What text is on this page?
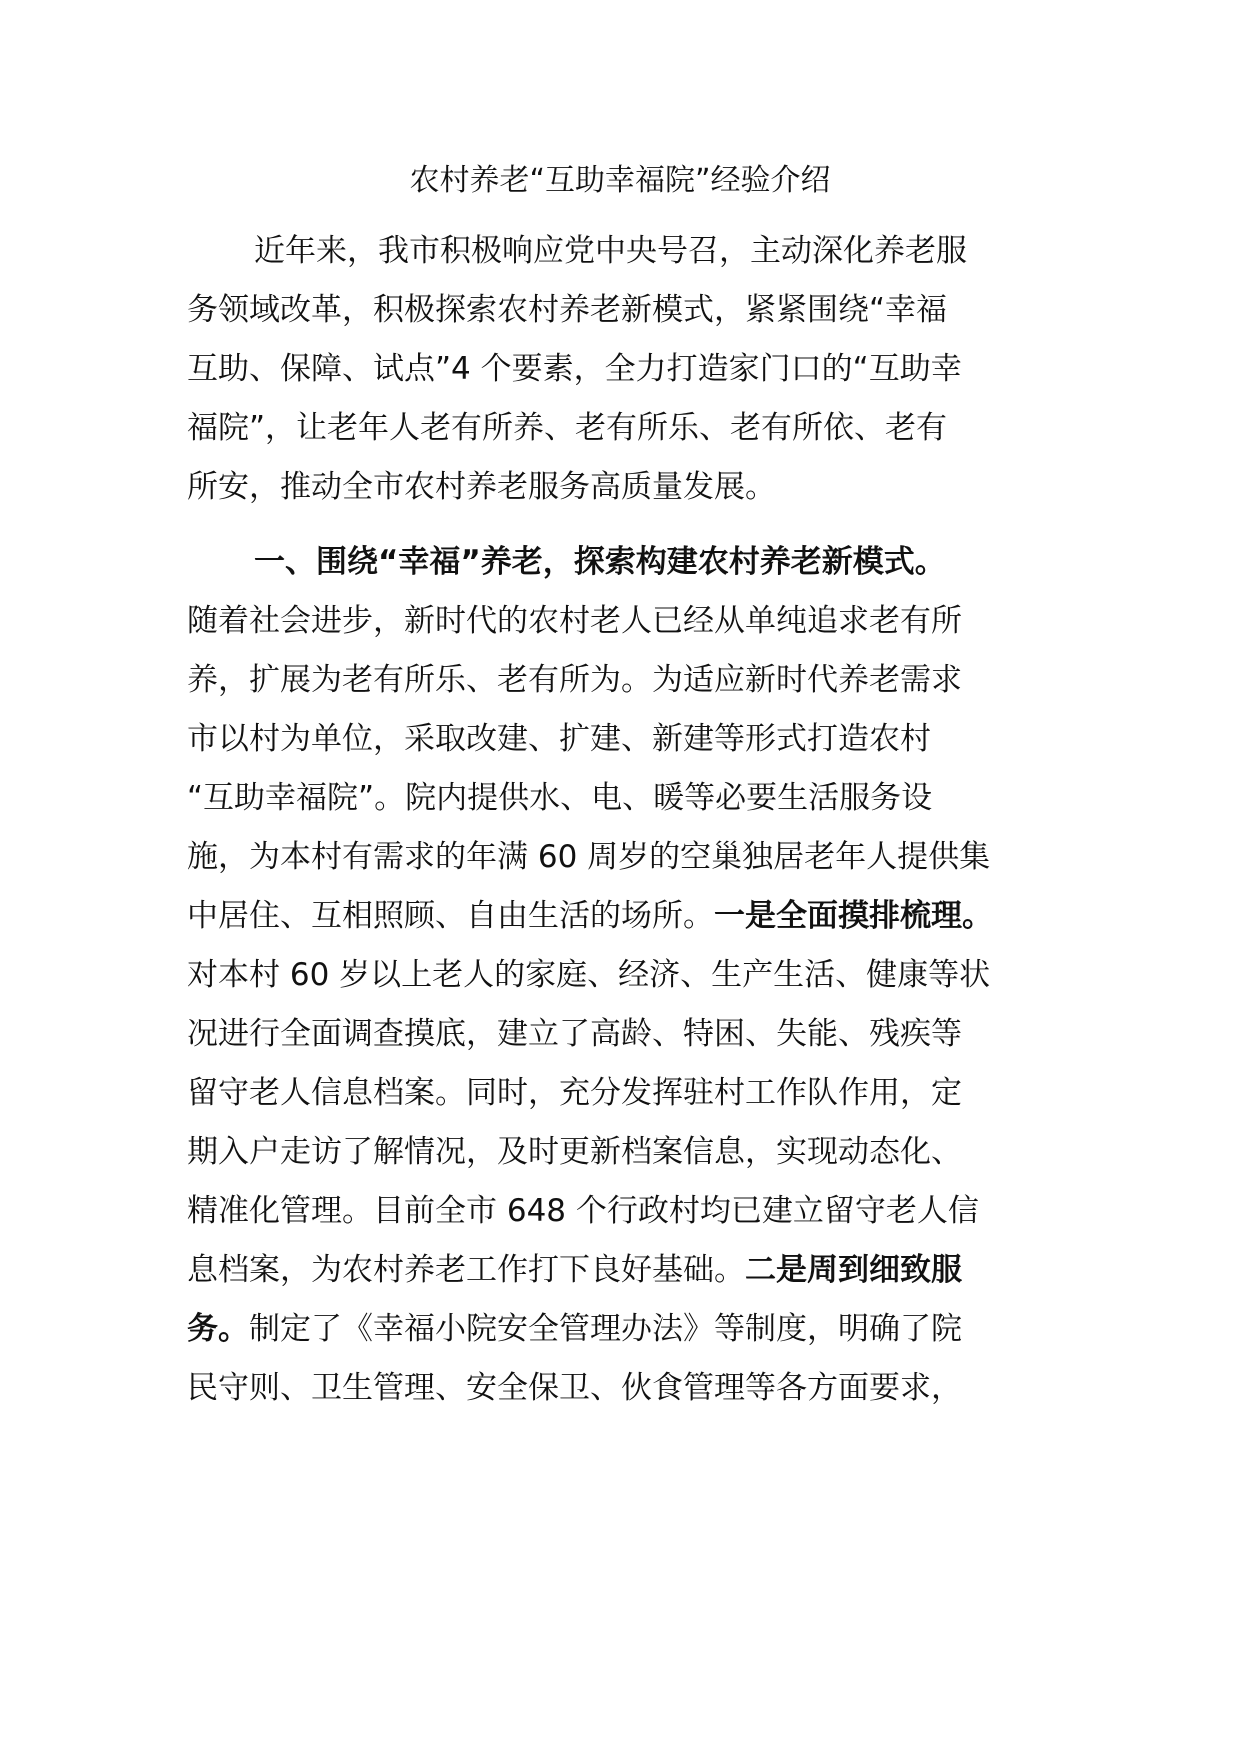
农村养老“互助幸福院”经验介绍

近年来，我市积极响应党中央号召，主动深化养老服

务领域改革，积极探索农村养老新模式，紧紧围绕“幸福

互助、保障、试点”4 个要素，全力打造家门口的“互助幸

福院”，让老年人老有所养、老有所乐、老有所依、老有

所安，推动全市农村养老服务高质量发展。

一、围绕“幸福”养老，探索构建农村养老新模式。

随着社会进步，新时代的农村老人已经从单纯追求老有所

养，扩展为老有所乐、老有所为。为适应新时代养老需求

市以村为单位，采取改建、扩建、新建等形式打造农村

“互助幸福院”。院内提供水、电、暖等必要生活服务设

施，为本村有需求的年满 60 周岁的空巢独居老年人提供集

中居住、互相照顾、自由生活的场所。一是全面摸排梳理。

对本村 60 岁以上老人的家庭、经济、生产生活、健康等状

况进行全面调查摸底，建立了高龄、特困、失能、残疾等

留守老人信息档案。同时，充分发挥驻村工作队作用，定

期入户走访了解情况，及时更新档案信息，实现动态化、

精准化管理。目前全市 648 个行政村均已建立留守老人信

息档案，为农村养老工作打下良好基础。二是周到细致服

务。制定了《幸福小院安全管理办法》等制度，明确了院

民守则、卫生管理、安全保卫、伙食管理等各方面要求，
